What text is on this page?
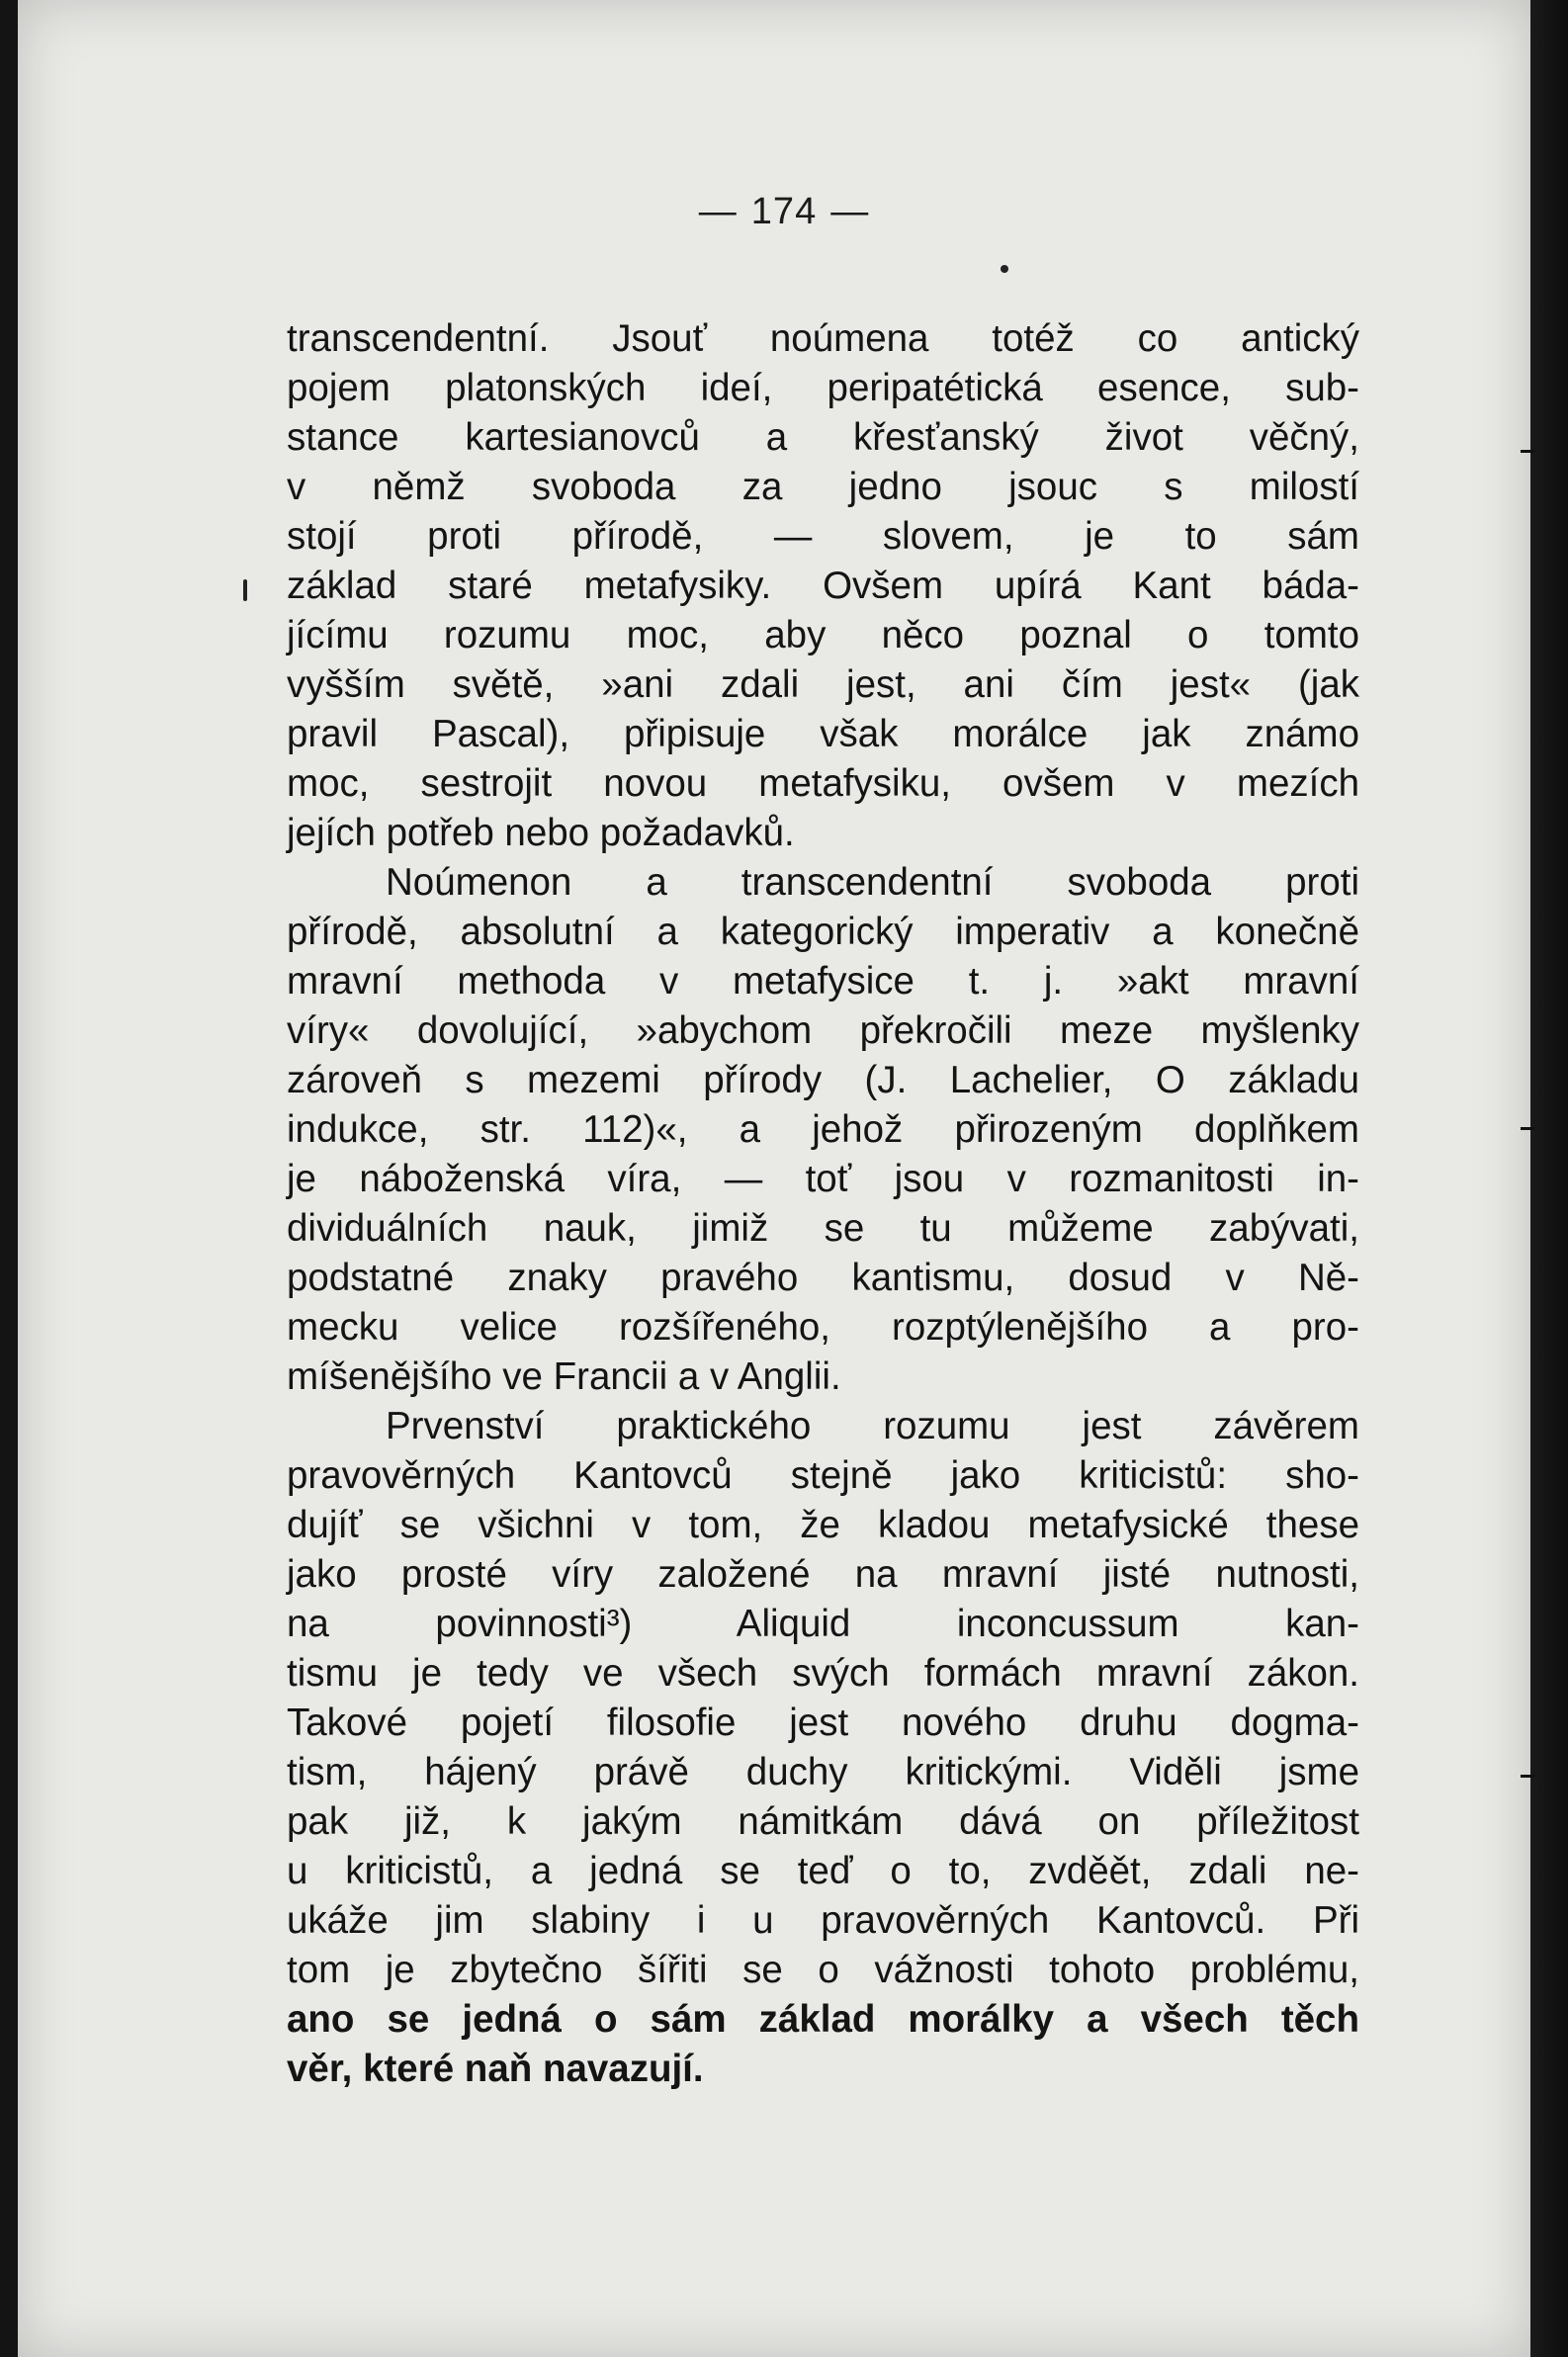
— 174 —
transcendentní. Jsouť noúmena totéž co antický
pojem platonských ideí, peripatétická esence, sub-
stance kartesianovců a křesťanský život věčný,
v němž svoboda za jedno jsouc s milostí
stojí proti přírodě, — slovem, je to sám
základ staré metafysiky. Ovšem upírá Kant báda-
jícímu rozumu moc, aby něco poznal o tomto
vyšším světě, »ani zdali jest, ani čím jest« (jak
pravil Pascal), připisuje však morálce jak známo
moc, sestrojit novou metafysiku, ovšem v mezích
jejích potřeb nebo požadavků.
Noúmenon a transcendentní svoboda proti
přírodě, absolutní a kategorický imperativ a konečně
mravní methoda v metafysice t. j. »akt mravní
víry« dovolující, »abychom překročili meze myšlenky
zároveň s mezemi přírody (J. Lachelier, O základu
indukce, str. 112)«, a jehož přirozeným doplňkem
je náboženská víra, — toť jsou v rozmanitosti in-
dividuálních nauk, jimiž se tu můžeme zabývati,
podstatné znaky pravého kantismu, dosud v Ně-
mecku velice rozšířeného, rozptýlenějšího a pro-
míšenějšího ve Francii a v Anglii.
Prvenství praktického rozumu jest závěrem
pravověrných Kantovců stejně jako kriticistů: sho-
dujíť se všichni v tom, že kladou metafysické these
jako prosté víry založené na mravní jisté nutnosti,
na povinnosti³) Aliquid inconcussum kan-
tismu je tedy ve všech svých formách mravní zákon.
Takové pojetí filosofie jest nového druhu dogma-
tism, hájený právě duchy kritickými. Viděli jsme
pak již, k jakým námitkám dává on příležitost
u kriticistů, a jedná se teď o to, zvděět, zdali ne-
ukáže jim slabiny i u pravověrných Kantovců. Při
tom je zbytečno šířiti se o vážnosti tohoto problému,
ano se jedná o sám základ morálky a všech těch
věr, které naň navazují.
